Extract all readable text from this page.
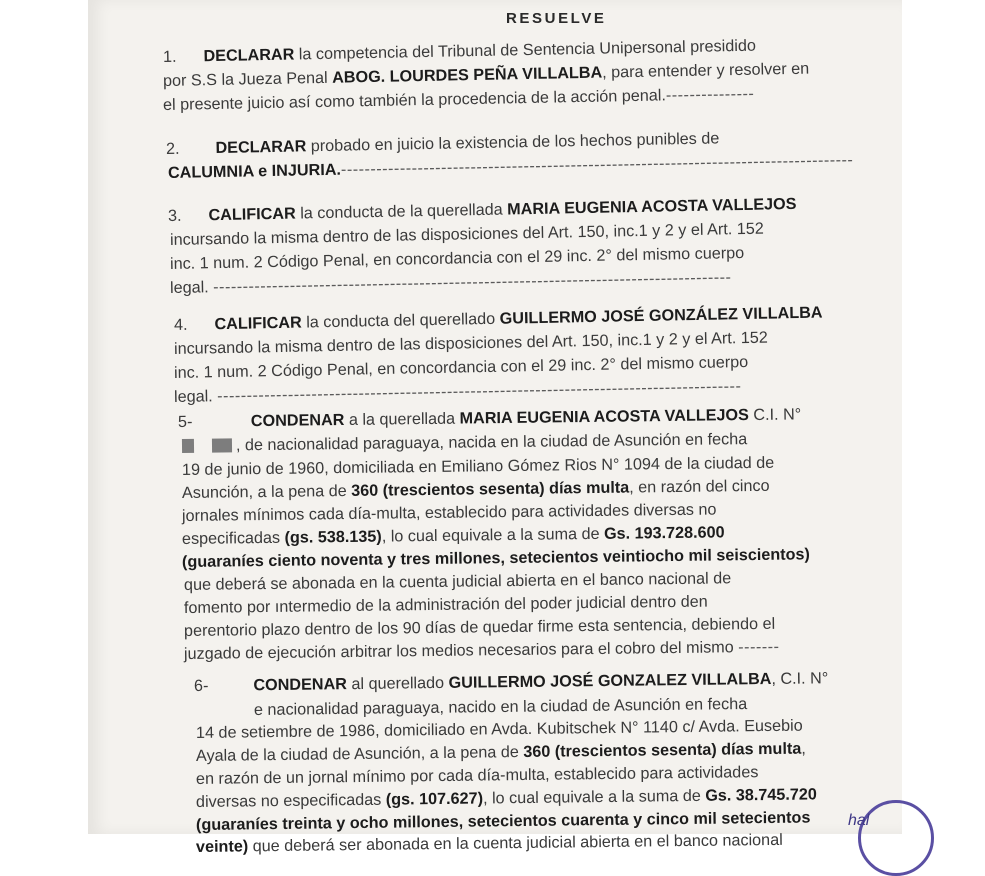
RESUELVE
1. DECLARAR la competencia del Tribunal de Sentencia Unipersonal presidido
por S.S la Jueza Penal ABOG. LOURDES PEÑA VILLALBA, para entender y resolver en
el presente juicio así como también la procedencia de la acción penal.---------------
2. DECLARAR probado en juicio la existencia de los hechos punibles de
CALUMNIA e INJURIA.---------------------------------------------------------------------------------------
3. CALIFICAR la conducta de la querellada MARIA EUGENIA ACOSTA VALLEJOS
incursando la misma dentro de las disposiciones del Art. 150, inc.1 y 2 y el Art. 152
inc. 1 num. 2 Código Penal, en concordancia con el 29 inc. 2° del mismo cuerpo
legal. ----------------------------------------------------------------------------------------
4. CALIFICAR la conducta del querellado GUILLERMO JOSÉ GONZÁLEZ VILLALBA
incursando la misma dentro de las disposiciones del Art. 150, inc.1 y 2 y el Art. 152
inc. 1 num. 2 Código Penal, en concordancia con el 29 inc. 2° del mismo cuerpo
legal. -----------------------------------------------------------------------------------------
5-	CONDENAR a la querellada MARIA EUGENIA ACOSTA VALLEJOS C.I. N°
, de nacionalidad paraguaya, nacida en la ciudad de Asunción en fecha
19 de junio de 1960, domiciliada en Emiliano Gómez Rios N° 1094 de la ciudad de
Asunción, a la pena de 360 (trescientos sesenta) días multa, en razón del cinco
jornales mínimos cada día-multa, establecido para actividades diversas no
especificadas (gs. 538.135), lo cual equivale a la suma de Gs. 193.728.600
(guaraníes ciento noventa y tres millones, setecientos veintiocho mil seiscientos)
que deberá se abonada en la cuenta judicial abierta en el banco nacional de
fomento por ıntermedio de la administración del poder judicial dentro den
perentorio plazo dentro de los 90 días de quedar firme esta sentencia, debiendo el
juzgado de ejecución arbitrar los medios necesarios para el cobro del mismo -------
6-	CONDENAR al querellado GUILLERMO JOSÉ GONZALEZ VILLALBA, C.I. N°
e nacionalidad paraguaya, nacido en la ciudad de Asunción en fecha
14 de setiembre de 1986, domiciliado en Avda. Kubitschek N° 1140 c/ Avda. Eusebio
Ayala de la ciudad de Asunción, a la pena de 360 (trescientos sesenta) días multa,
en razón de un jornal mínimo por cada día-multa, establecido para actividades
diversas no especificadas (gs. 107.627), lo cual equivale a la suma de Gs. 38.745.720
(guaraníes treinta y ocho millones, setecientos cuarenta y cinco mil setecientos
veinte) que deberá ser abonada en la cuenta judicial abierta en el banco nacional
hal
